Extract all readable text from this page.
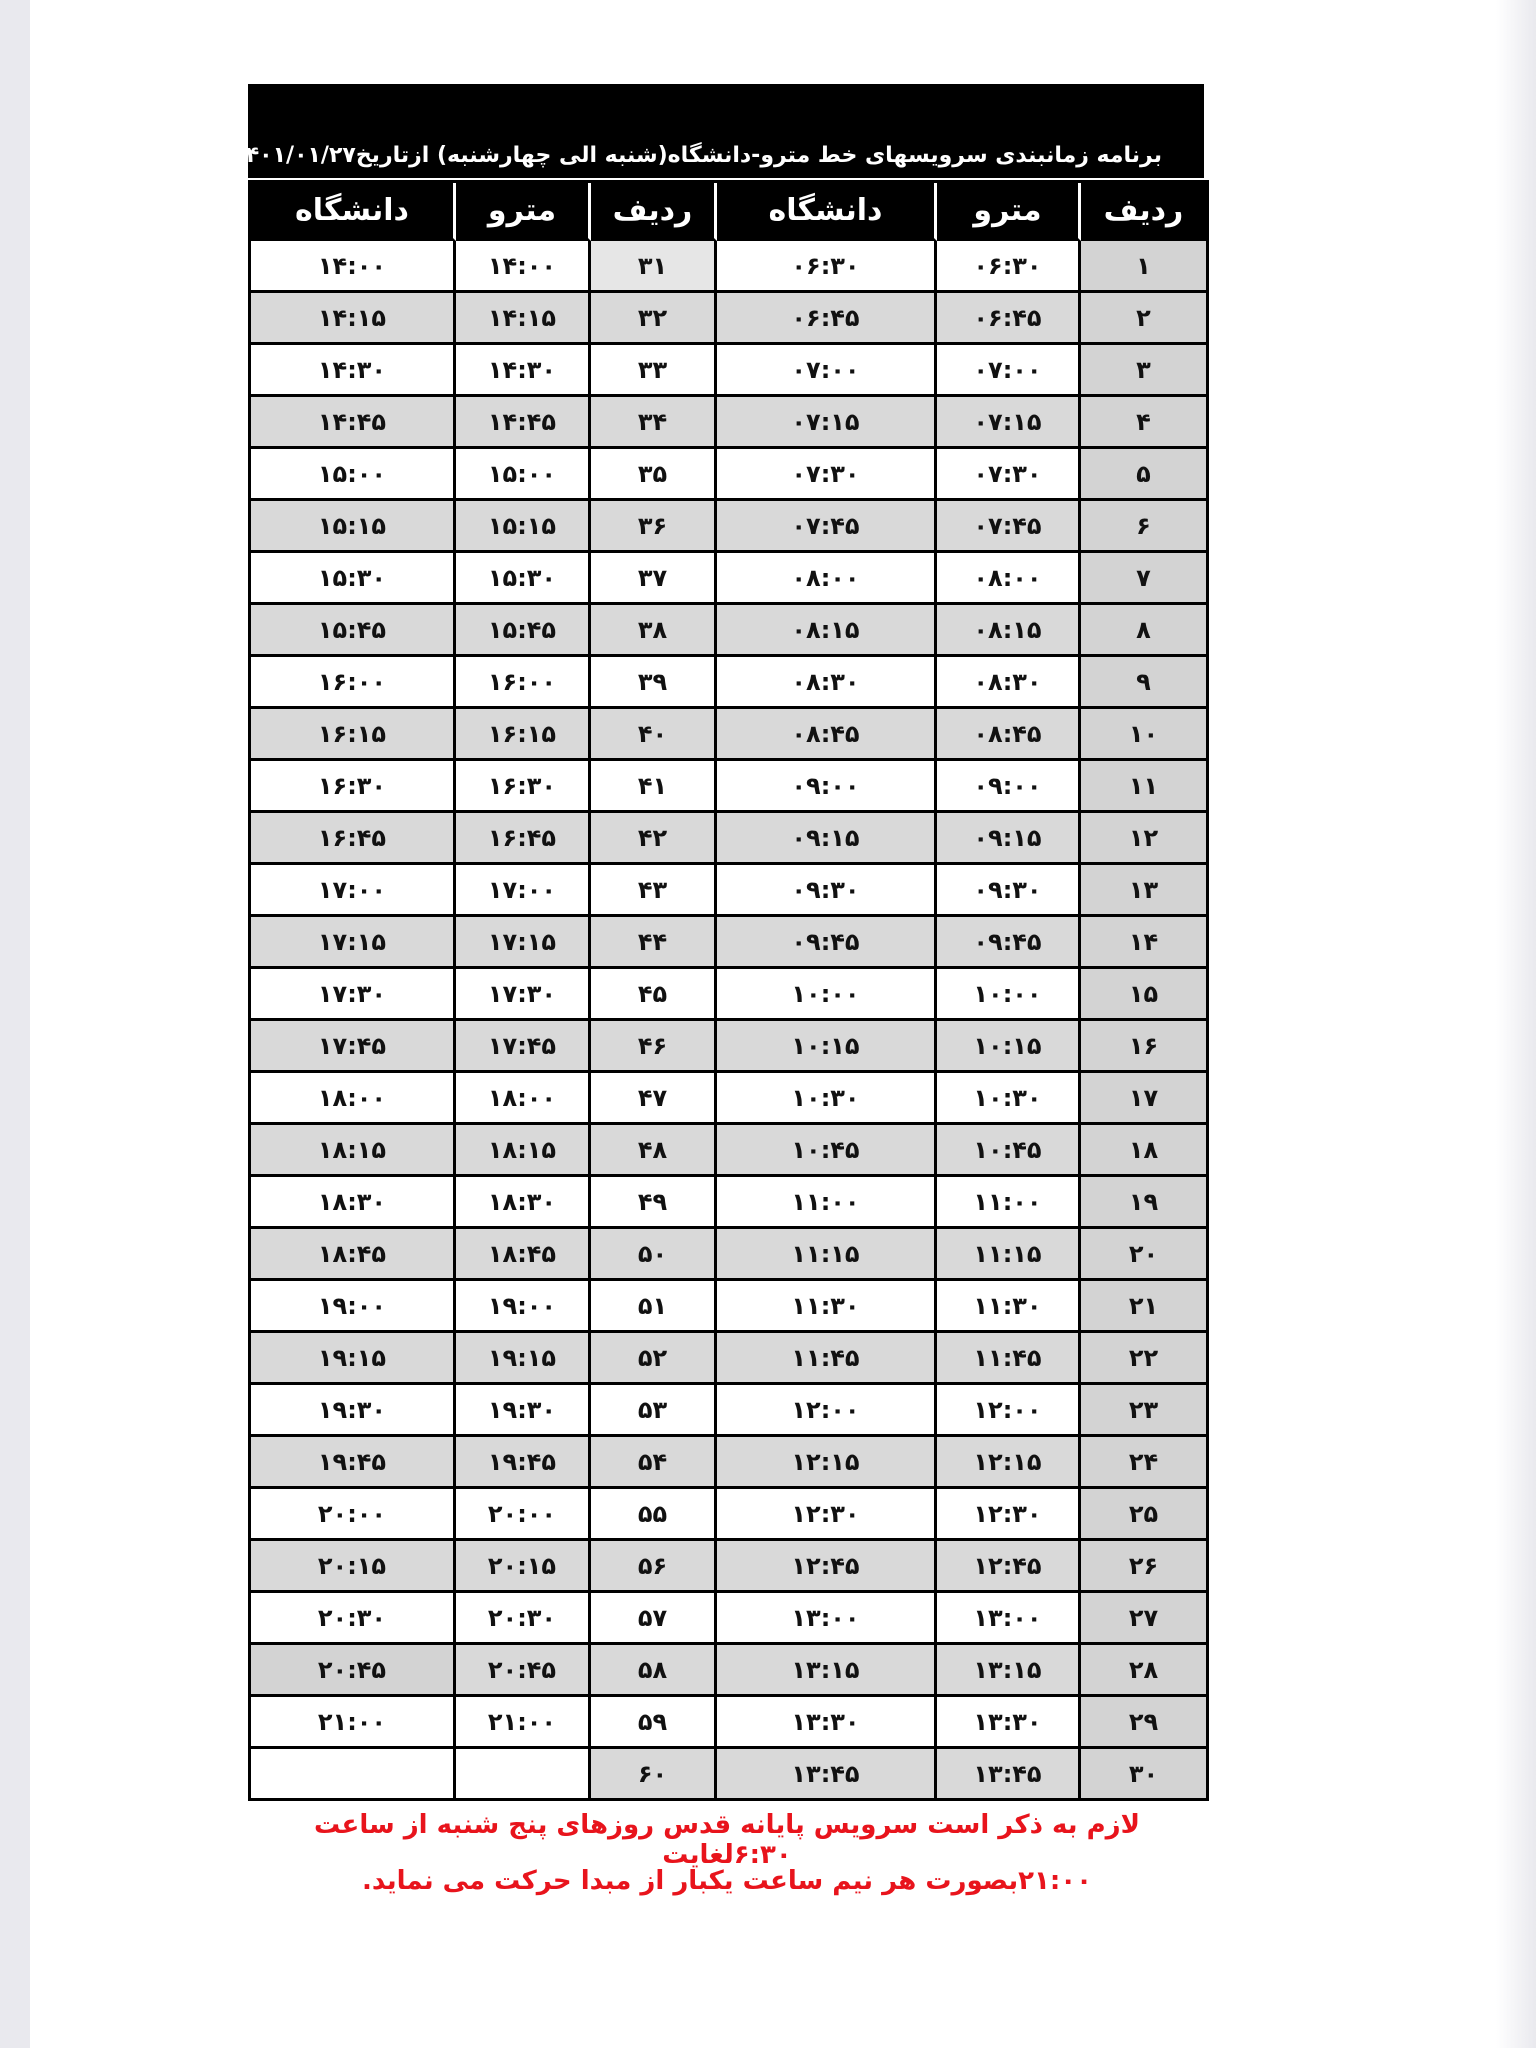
برنامه زمانبندی سرویسهای خط مترو-دانشگاه(شنبه الی چهارشنبه) ازتاریخ۱۴۰۱/۰۱/۲۷ تااطلاع ثانوی
دانشگاه	مترو	ردیف	دانشگاه	مترو	ردیف
۱۴:۰۰	۱۴:۰۰	۳۱	۰۶:۳۰	۰۶:۳۰	۱
۱۴:۱۵	۱۴:۱۵	۳۲	۰۶:۴۵	۰۶:۴۵	۲
۱۴:۳۰	۱۴:۳۰	۳۳	۰۷:۰۰	۰۷:۰۰	۳
۱۴:۴۵	۱۴:۴۵	۳۴	۰۷:۱۵	۰۷:۱۵	۴
۱۵:۰۰	۱۵:۰۰	۳۵	۰۷:۳۰	۰۷:۳۰	۵
۱۵:۱۵	۱۵:۱۵	۳۶	۰۷:۴۵	۰۷:۴۵	۶
۱۵:۳۰	۱۵:۳۰	۳۷	۰۸:۰۰	۰۸:۰۰	۷
۱۵:۴۵	۱۵:۴۵	۳۸	۰۸:۱۵	۰۸:۱۵	۸
۱۶:۰۰	۱۶:۰۰	۳۹	۰۸:۳۰	۰۸:۳۰	۹
۱۶:۱۵	۱۶:۱۵	۴۰	۰۸:۴۵	۰۸:۴۵	۱۰
۱۶:۳۰	۱۶:۳۰	۴۱	۰۹:۰۰	۰۹:۰۰	۱۱
۱۶:۴۵	۱۶:۴۵	۴۲	۰۹:۱۵	۰۹:۱۵	۱۲
۱۷:۰۰	۱۷:۰۰	۴۳	۰۹:۳۰	۰۹:۳۰	۱۳
۱۷:۱۵	۱۷:۱۵	۴۴	۰۹:۴۵	۰۹:۴۵	۱۴
۱۷:۳۰	۱۷:۳۰	۴۵	۱۰:۰۰	۱۰:۰۰	۱۵
۱۷:۴۵	۱۷:۴۵	۴۶	۱۰:۱۵	۱۰:۱۵	۱۶
۱۸:۰۰	۱۸:۰۰	۴۷	۱۰:۳۰	۱۰:۳۰	۱۷
۱۸:۱۵	۱۸:۱۵	۴۸	۱۰:۴۵	۱۰:۴۵	۱۸
۱۸:۳۰	۱۸:۳۰	۴۹	۱۱:۰۰	۱۱:۰۰	۱۹
۱۸:۴۵	۱۸:۴۵	۵۰	۱۱:۱۵	۱۱:۱۵	۲۰
۱۹:۰۰	۱۹:۰۰	۵۱	۱۱:۳۰	۱۱:۳۰	۲۱
۱۹:۱۵	۱۹:۱۵	۵۲	۱۱:۴۵	۱۱:۴۵	۲۲
۱۹:۳۰	۱۹:۳۰	۵۳	۱۲:۰۰	۱۲:۰۰	۲۳
۱۹:۴۵	۱۹:۴۵	۵۴	۱۲:۱۵	۱۲:۱۵	۲۴
۲۰:۰۰	۲۰:۰۰	۵۵	۱۲:۳۰	۱۲:۳۰	۲۵
۲۰:۱۵	۲۰:۱۵	۵۶	۱۲:۴۵	۱۲:۴۵	۲۶
۲۰:۳۰	۲۰:۳۰	۵۷	۱۳:۰۰	۱۳:۰۰	۲۷
۲۰:۴۵	۲۰:۴۵	۵۸	۱۳:۱۵	۱۳:۱۵	۲۸
۲۱:۰۰	۲۱:۰۰	۵۹	۱۳:۳۰	۱۳:۳۰	۲۹
		۶۰	۱۳:۴۵	۱۳:۴۵	۳۰
لازم به ذکر است سرویس پایانه قدس روزهای پنج شنبه از ساعت ۶:۳۰لغایت
۲۱:۰۰بصورت هر نیم ساعت یکبار از مبدا حرکت می نماید.
